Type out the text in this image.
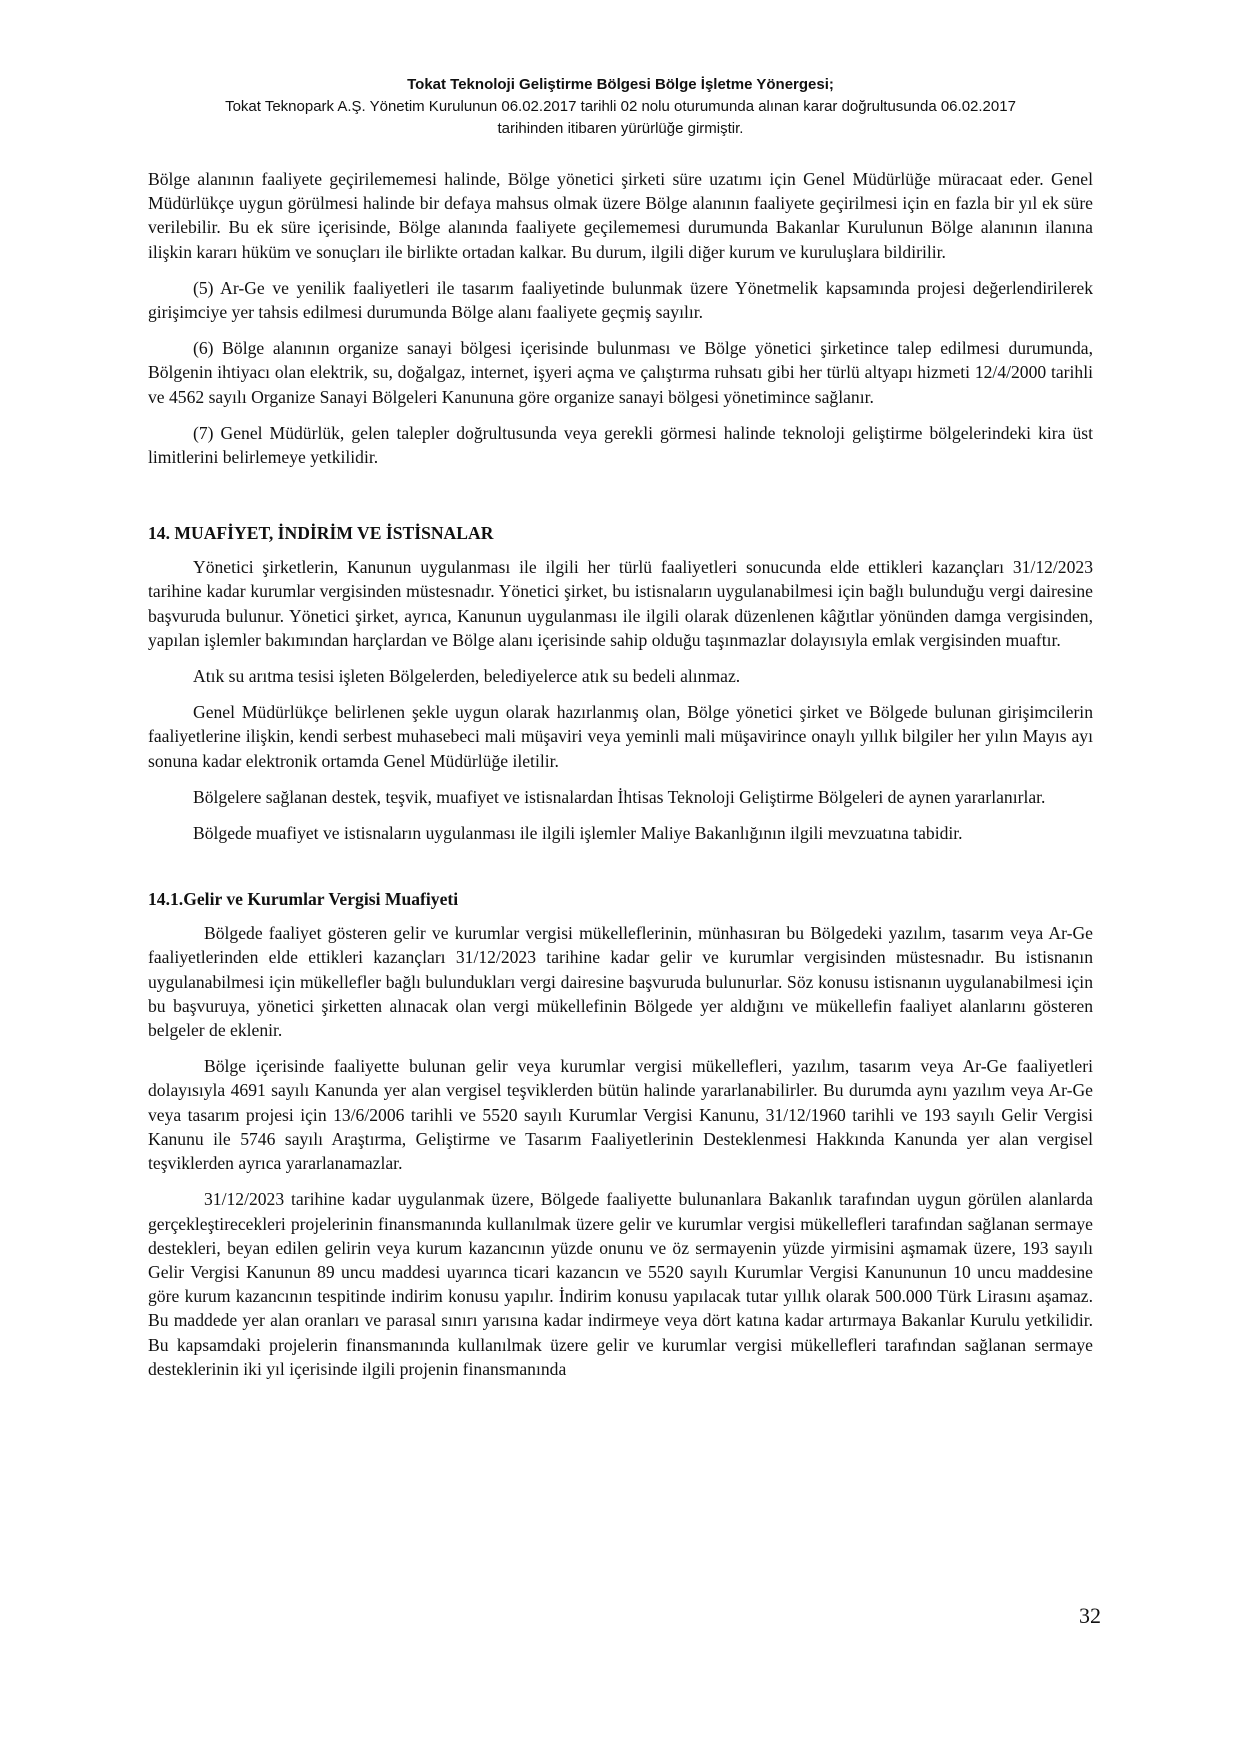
Tokat Teknoloji Geliştirme Bölgesi Bölge İşletme Yönergesi;
Tokat Teknopark A.Ş. Yönetim Kurulunun 06.02.2017 tarihli 02 nolu oturumunda alınan karar doğrultusunda 06.02.2017
tarihinden itibaren yürürlüğe girmiştir.

Bölge alanının faaliyete geçirilememesi halinde, Bölge yönetici şirketi süre uzatımı için Genel Müdürlüğe müracaat eder. Genel Müdürlükçe uygun görülmesi halinde bir defaya mahsus olmak üzere Bölge alanının faaliyete geçirilmesi için en fazla bir yıl ek süre verilebilir. Bu ek süre içerisinde, Bölge alanında faaliyete geçilememesi durumunda Bakanlar Kurulunun Bölge alanının ilanına ilişkin kararı hüküm ve sonuçları ile birlikte ortadan kalkar. Bu durum, ilgili diğer kurum ve kuruluşlara bildirilir.

(5) Ar-Ge ve yenilik faaliyetleri ile tasarım faaliyetinde bulunmak üzere Yönetmelik kapsamında projesi değerlendirilerek girişimciye yer tahsis edilmesi durumunda Bölge alanı faaliyete geçmiş sayılır.

(6) Bölge alanının organize sanayi bölgesi içerisinde bulunması ve Bölge yönetici şirketince talep edilmesi durumunda, Bölgenin ihtiyacı olan elektrik, su, doğalgaz, internet, işyeri açma ve çalıştırma ruhsatı gibi her türlü altyapı hizmeti 12/4/2000 tarihli ve 4562 sayılı Organize Sanayi Bölgeleri Kanununa göre organize sanayi bölgesi yönetimince sağlanır.

(7) Genel Müdürlük, gelen talepler doğrultusunda veya gerekli görmesi halinde teknoloji geliştirme bölgelerindeki kira üst limitlerini belirlemeye yetkilidir.

14. MUAFİYET, İNDİRİM VE İSTİSNALAR

Yönetici şirketlerin, Kanunun uygulanması ile ilgili her türlü faaliyetleri sonucunda elde ettikleri kazançları 31/12/2023 tarihine kadar kurumlar vergisinden müstesnadır. Yönetici şirket, bu istisnaların uygulanabilmesi için bağlı bulunduğu vergi dairesine başvuruda bulunur. Yönetici şirket, ayrıca, Kanunun uygulanması ile ilgili olarak düzenlenen kâğıtlar yönünden damga vergisinden, yapılan işlemler bakımından harçlardan ve Bölge alanı içerisinde sahip olduğu taşınmazlar dolayısıyla emlak vergisinden muaftır.

Atık su arıtma tesisi işleten Bölgelerden, belediyelerce atık su bedeli alınmaz.

Genel Müdürlükçe belirlenen şekle uygun olarak hazırlanmış olan, Bölge yönetici şirket ve Bölgede bulunan girişimcilerin faaliyetlerine ilişkin, kendi serbest muhasebeci mali müşaviri veya yeminli mali müşavirince onaylı yıllık bilgiler her yılın Mayıs ayı sonuna kadar elektronik ortamda Genel Müdürlüğe iletilir.

Bölgelere sağlanan destek, teşvik, muafiyet ve istisnalardan İhtisas Teknoloji Geliştirme Bölgeleri de aynen yararlanırlar.

Bölgede muafiyet ve istisnaların uygulanması ile ilgili işlemler Maliye Bakanlığının ilgili mevzuatına tabidir.

14.1.Gelir ve Kurumlar Vergisi Muafiyeti

Bölgede faaliyet gösteren gelir ve kurumlar vergisi mükelleflerinin, münhasıran bu Bölgedeki yazılım, tasarım veya Ar-Ge faaliyetlerinden elde ettikleri kazançları 31/12/2023 tarihine kadar gelir ve kurumlar vergisinden müstesnadır. Bu istisnanın uygulanabilmesi için mükellefler bağlı bulundukları vergi dairesine başvuruda bulunurlar. Söz konusu istisnanın uygulanabilmesi için bu başvuruya, yönetici şirketten alınacak olan vergi mükellefinin Bölgede yer aldığını ve mükellefin faaliyet alanlarını gösteren belgeler de eklenir.

Bölge içerisinde faaliyette bulunan gelir veya kurumlar vergisi mükellefleri, yazılım, tasarım veya Ar-Ge faaliyetleri dolayısıyla 4691 sayılı Kanunda yer alan vergisel teşviklerden bütün halinde yararlanabilirler. Bu durumda aynı yazılım veya Ar-Ge veya tasarım projesi için 13/6/2006 tarihli ve 5520 sayılı Kurumlar Vergisi Kanunu, 31/12/1960 tarihli ve 193 sayılı Gelir Vergisi Kanunu ile 5746 sayılı Araştırma, Geliştirme ve Tasarım Faaliyetlerinin Desteklenmesi Hakkında Kanunda yer alan vergisel teşviklerden ayrıca yararlanamazlar.

31/12/2023 tarihine kadar uygulanmak üzere, Bölgede faaliyette bulunanlara Bakanlık tarafından uygun görülen alanlarda gerçekleştirecekleri projelerinin finansmanında kullanılmak üzere gelir ve kurumlar vergisi mükellefleri tarafından sağlanan sermaye destekleri, beyan edilen gelirin veya kurum kazancının yüzde onunu ve öz sermayenin yüzde yirmisini aşmamak üzere, 193 sayılı Gelir Vergisi Kanunun 89 uncu maddesi uyarınca ticari kazancın ve 5520 sayılı Kurumlar Vergisi Kanununun 10 uncu maddesine göre kurum kazancının tespitinde indirim konusu yapılır. İndirim konusu yapılacak tutar yıllık olarak 500.000 Türk Lirasını aşamaz. Bu maddede yer alan oranları ve parasal sınırı yarısına kadar indirmeye veya dört katına kadar artırmaya Bakanlar Kurulu yetkilidir. Bu kapsamdaki projelerin finansmanında kullanılmak üzere gelir ve kurumlar vergisi mükellefleri tarafından sağlanan sermaye desteklerinin iki yıl içerisinde ilgili projenin finansmanında

32
